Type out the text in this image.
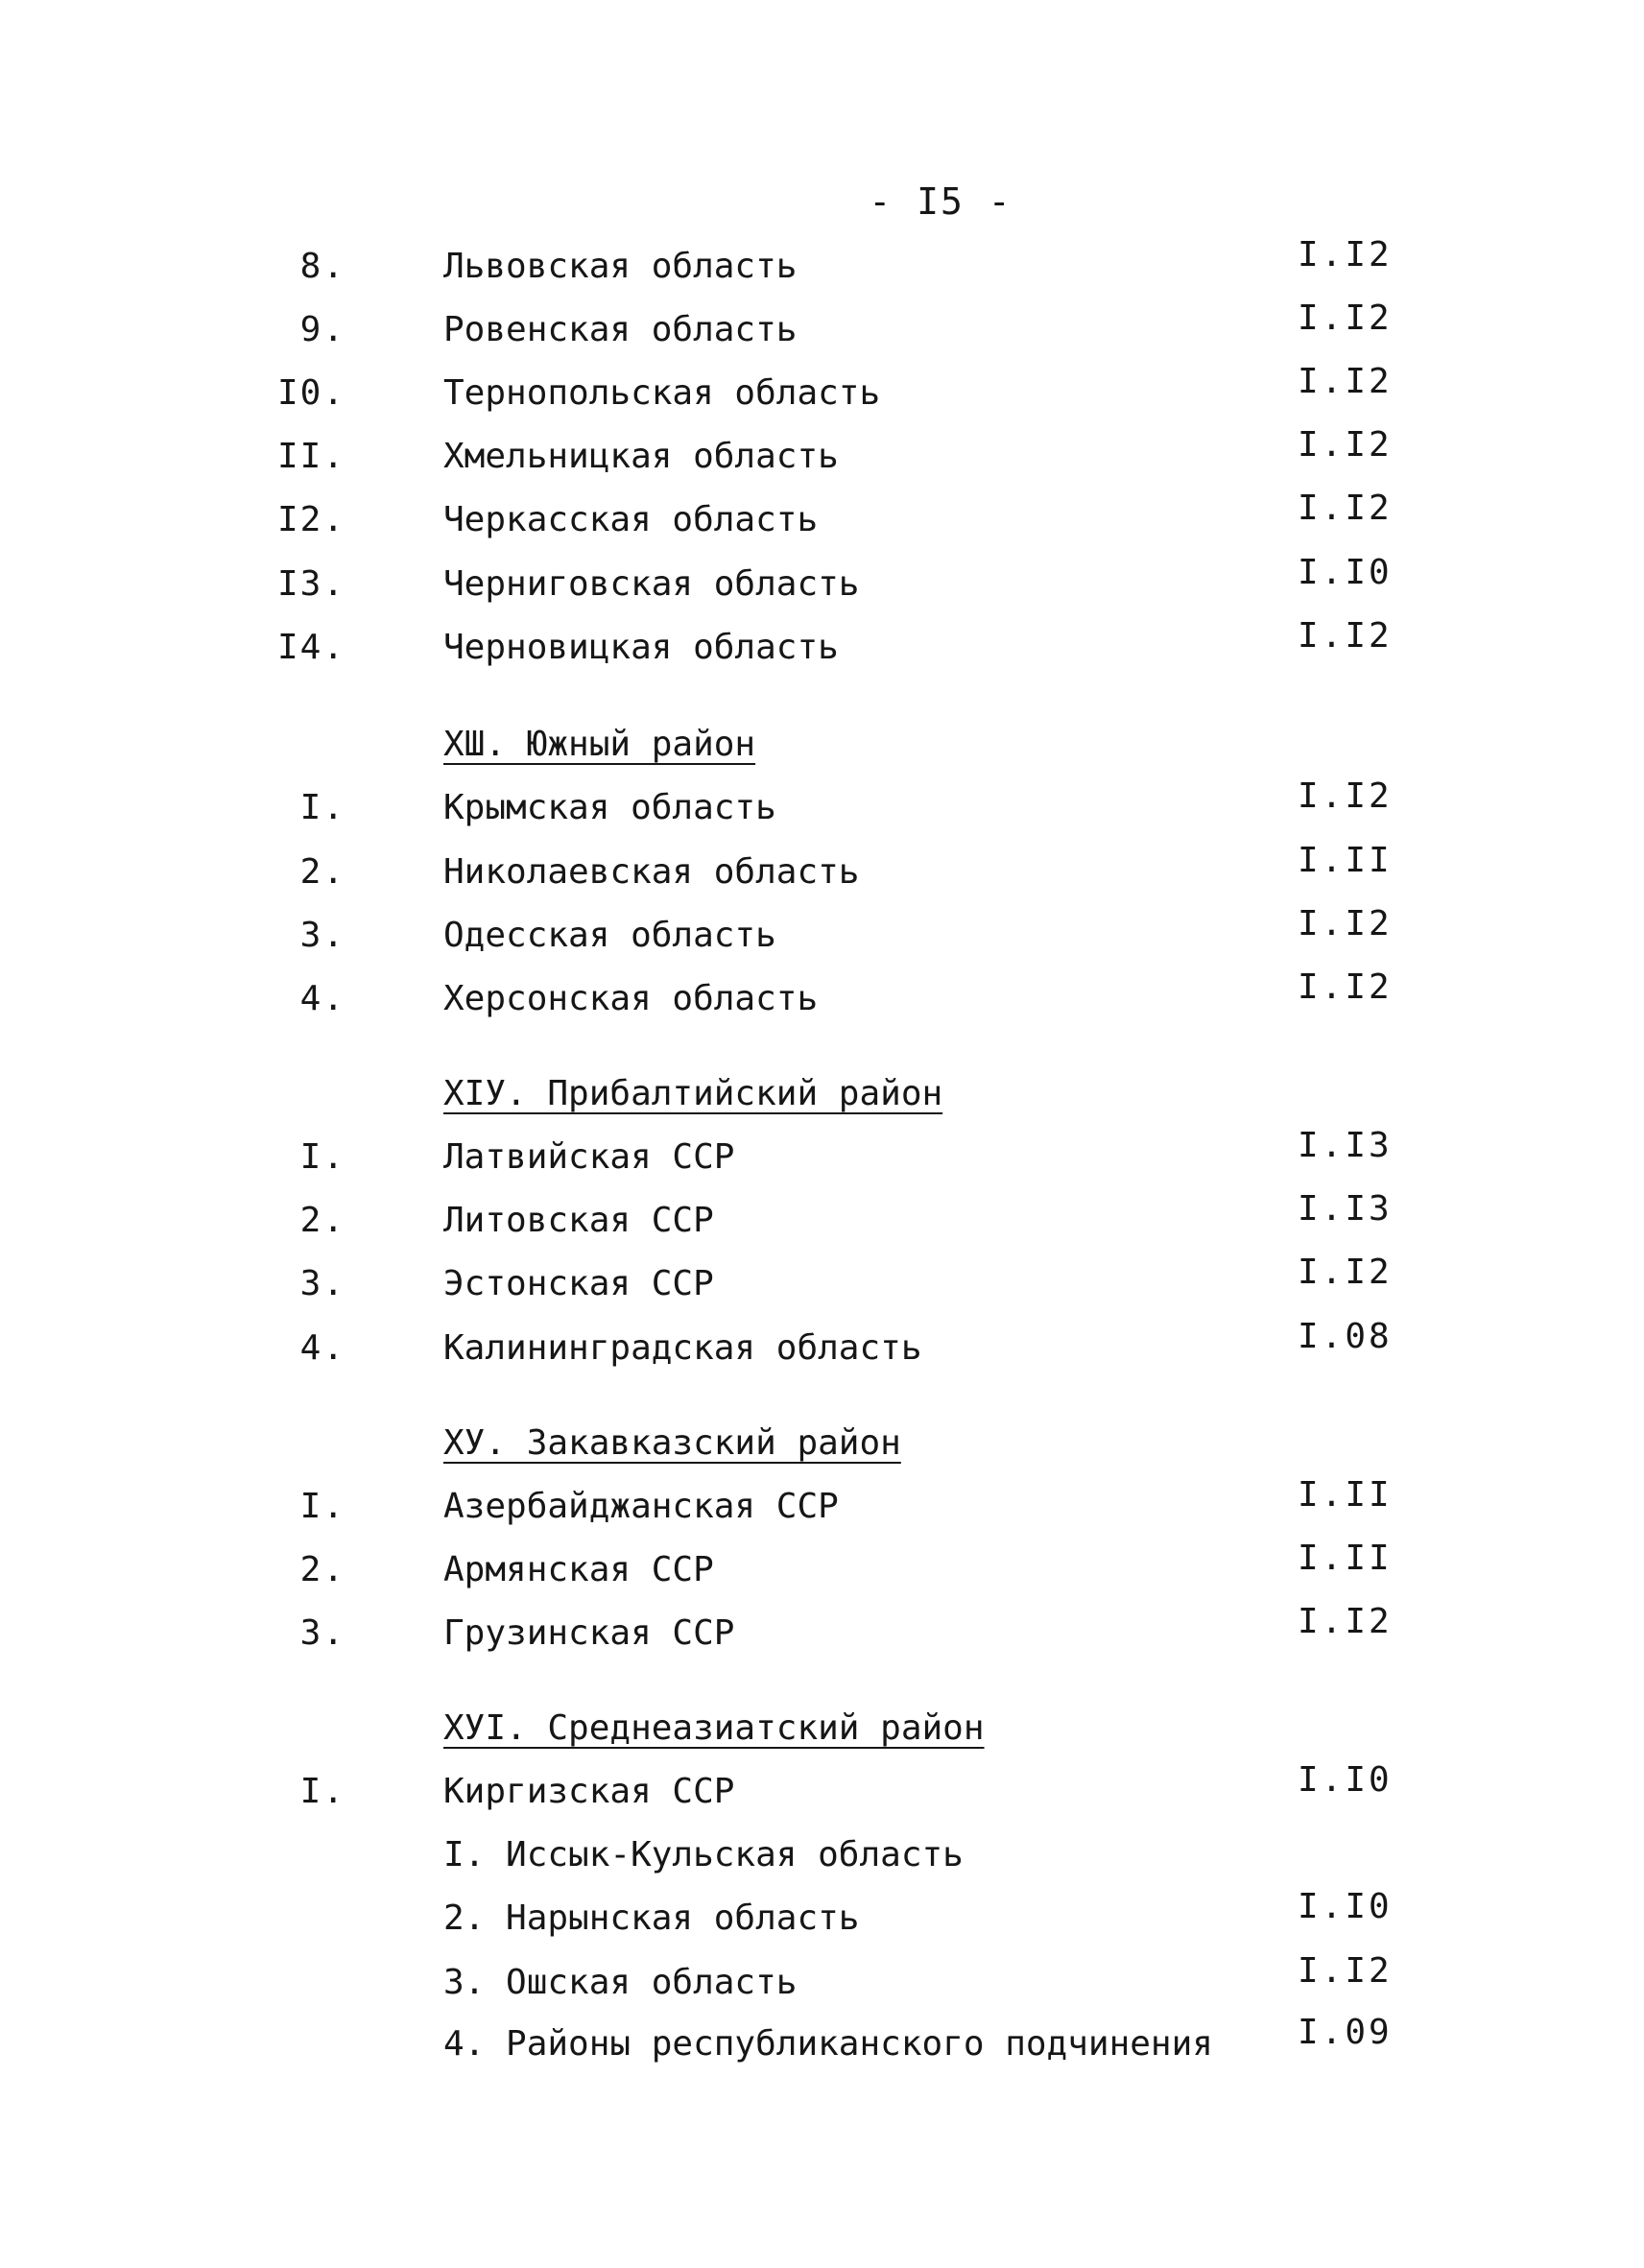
- I5 -
8.	Львовская область	I.I2
9.	Ровенская область	I.I2
I0.	Тернопольская область	I.I2
II.	Хмельницкая область	I.I2
I2.	Черкасская область	I.I2
I3.	Черниговская область	I.I0
I4.	Черновицкая область	I.I2
ХШ. Южный район
I.	Крымская область	I.I2
2.	Николаевская область	I.II
3.	Одесская область	I.I2
4.	Херсонская область	I.I2
XIУ. Прибалтийский район
I.	Латвийская ССР	I.I3
2.	Литовская ССР	I.I3
3.	Эстонская ССР	I.I2
4.	Калининградская область	I.08
ХУ. Закавказский район
I.	Азербайджанская ССР	I.II
2.	Армянская ССР	I.II
3.	Грузинская ССР	I.I2
ХУI. Среднеазиатский район
I.	Киргизская ССР	I.I0
I. Иссык-Кульская область
2. Нарынская область	I.I0
3. Ошская область	I.I2
4. Районы республиканского подчинения I.09
